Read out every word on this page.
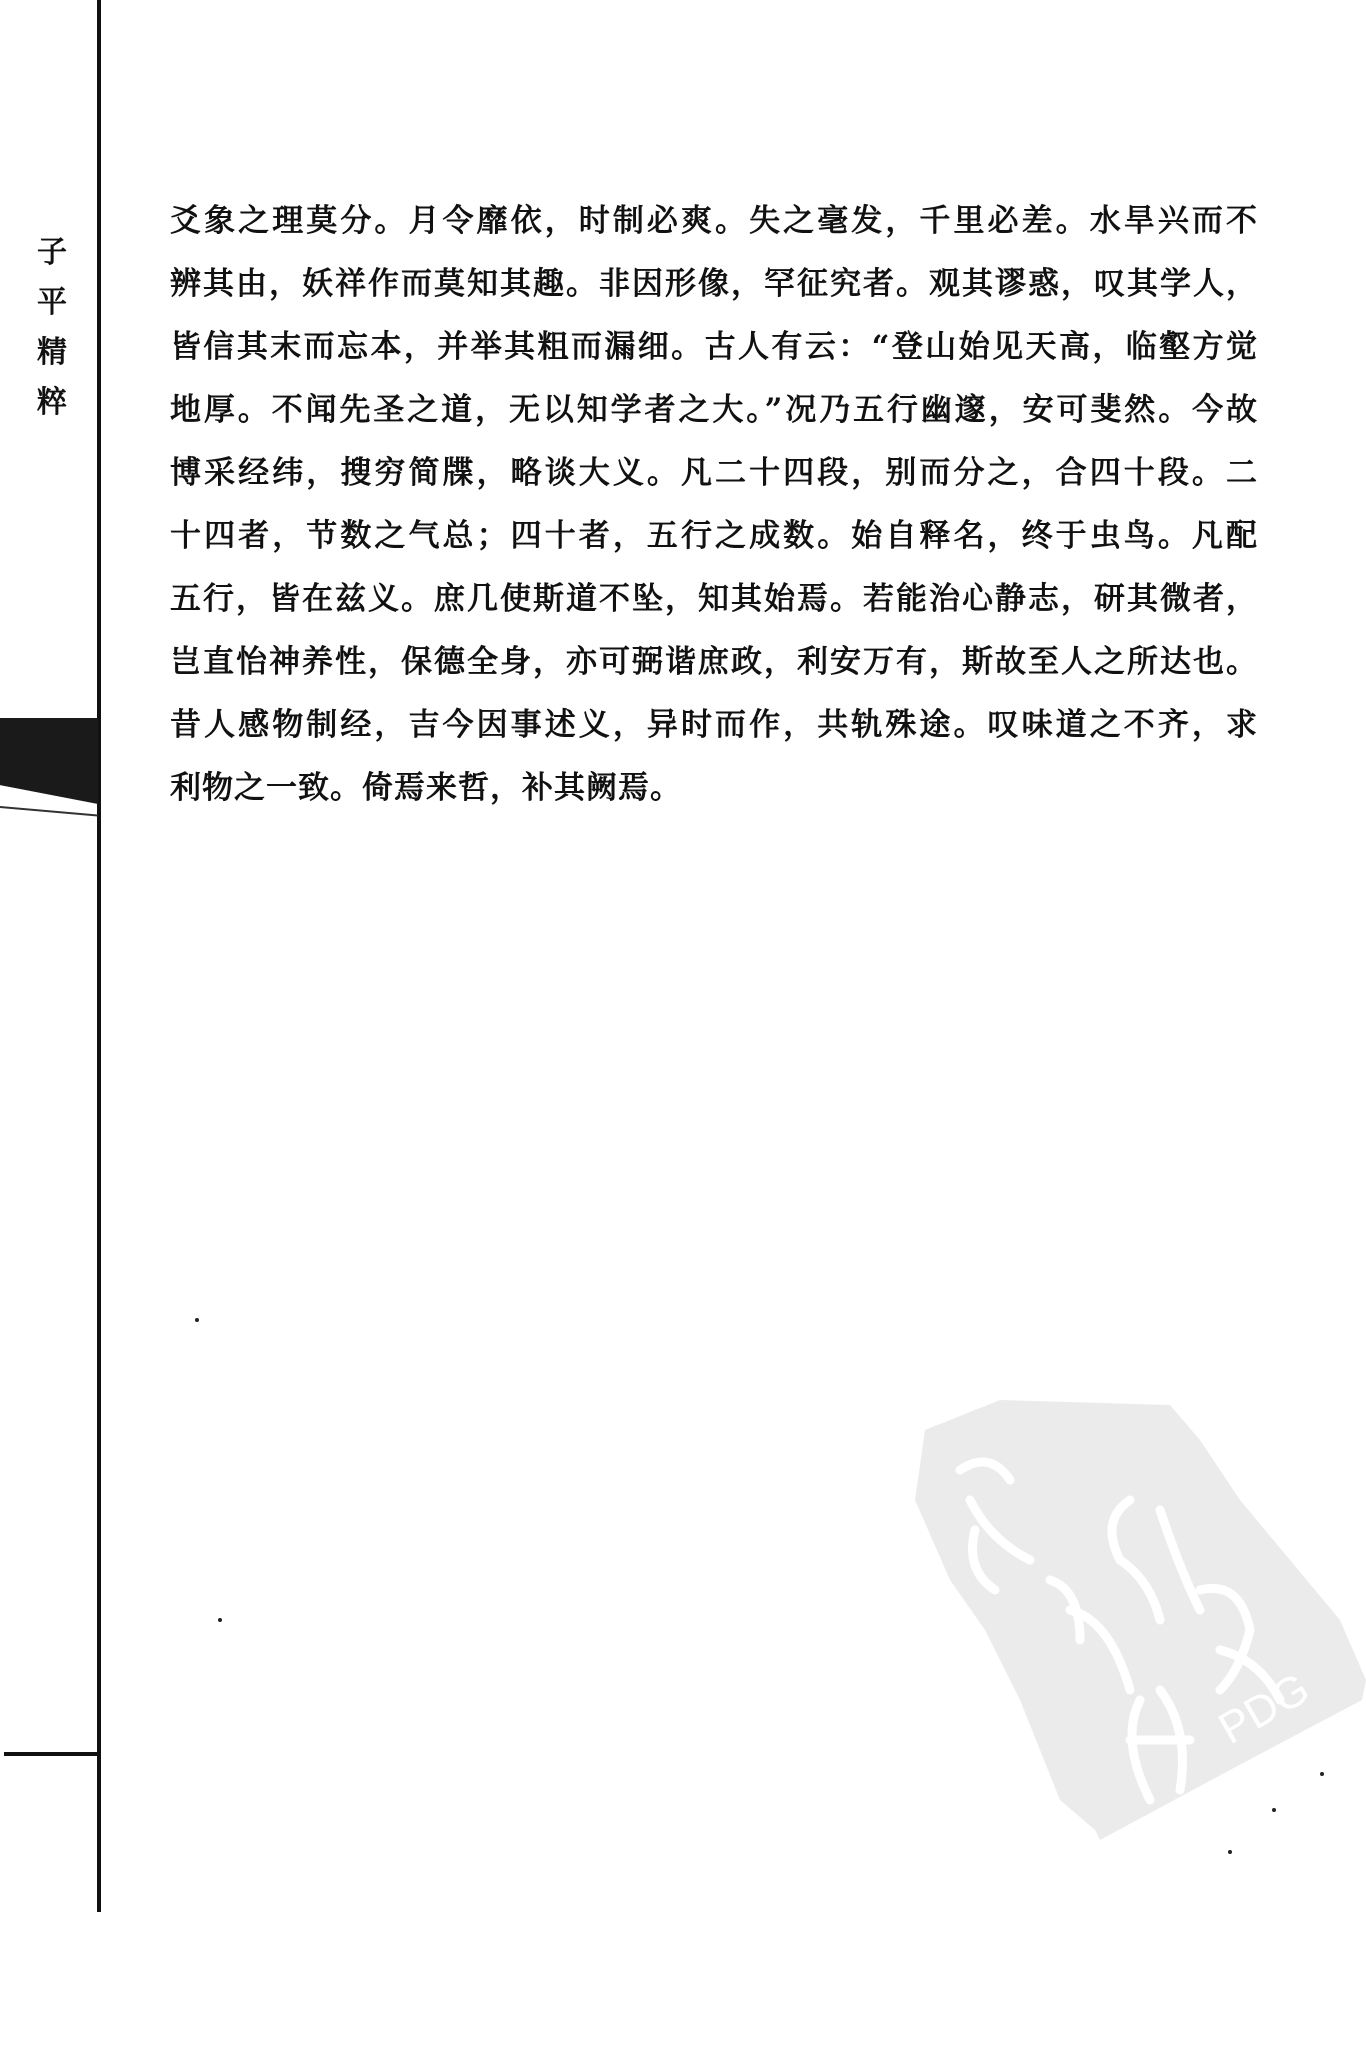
子
平
精
粹
爻象之理莫分。月令靡依，时制必爽。失之毫发，千里必差。水旱兴而不
辨其由，妖祥作而莫知其趣。非因形像，罕征究者。观其谬惑，叹其学人，
皆信其末而忘本，并举其粗而漏细。古人有云：“登山始见天高，临壑方觉
地厚。不闻先圣之道，无以知学者之大。”况乃五行幽邃，安可斐然。今故
博采经纬，搜穷简牒，略谈大义。凡二十四段，别而分之，合四十段。二
十四者，节数之气总；四十者，五行之成数。始自释名，终于虫鸟。凡配
五行，皆在兹义。庶几使斯道不坠，知其始焉。若能治心静志，研其微者，
岂直怡神养性，保德全身，亦可弼谐庶政，利安万有，斯故至人之所达也。
昔人感物制经，吉今因事述义，异时而作，共轨殊途。叹味道之不齐，求
利物之一致。倚焉来哲，补其阙焉。
PDG
